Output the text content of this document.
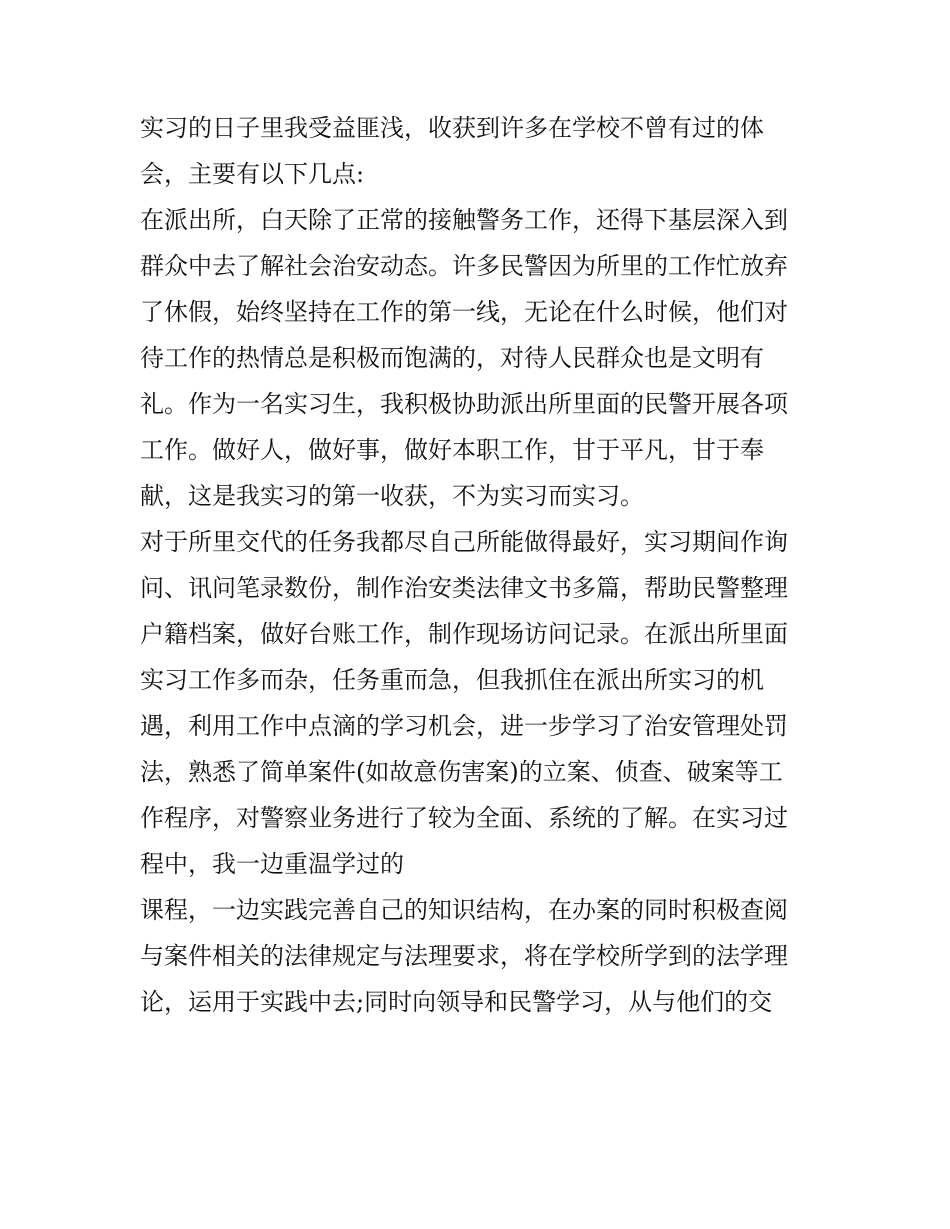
实习的日子里我受益匪浅，收获到许多在学校不曾有过的体
会，主要有以下几点:
在派出所，白天除了正常的接触警务工作，还得下基层深入到
群众中去了解社会治安动态。许多民警因为所里的工作忙放弃
了休假，始终坚持在工作的第一线，无论在什么时候，他们对
待工作的热情总是积极而饱满的，对待人民群众也是文明有
礼。作为一名实习生，我积极协助派出所里面的民警开展各项
工作。做好人，做好事，做好本职工作，甘于平凡，甘于奉
献，这是我实习的第一收获，不为实习而实习。
对于所里交代的任务我都尽自己所能做得最好，实习期间作询
问、讯问笔录数份，制作治安类法律文书多篇，帮助民警整理
户籍档案，做好台账工作，制作现场访问记录。在派出所里面
实习工作多而杂，任务重而急，但我抓住在派出所实习的机
遇，利用工作中点滴的学习机会，进一步学习了治安管理处罚
法，熟悉了简单案件(如故意伤害案)的立案、侦查、破案等工
作程序，对警察业务进行了较为全面、系统的了解。在实习过
程中，我一边重温学过的
课程，一边实践完善自己的知识结构，在办案的同时积极查阅
与案件相关的法律规定与法理要求，将在学校所学到的法学理
论，运用于实践中去;同时向领导和民警学习，从与他们的交
